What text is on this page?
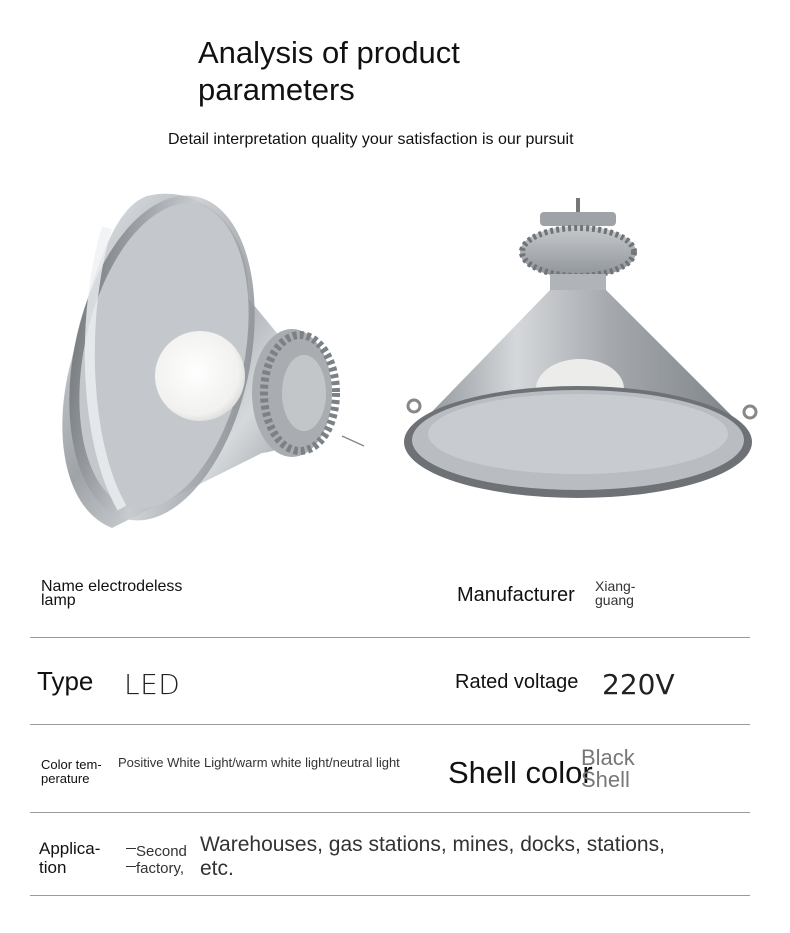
Analysis of product parameters
Detail interpretation quality your satisfaction is our pursuit
Name electrodeless lamp	Manufacturer Xiang-guang
Type LED	Rated voltage 220V
Color tem-perature
Positive White Light/warm white light/neutral light Shell color
Black Shell
Applica-tion
Second factory,
Warehouses, gas stations, mines, docks, stations, etc.
